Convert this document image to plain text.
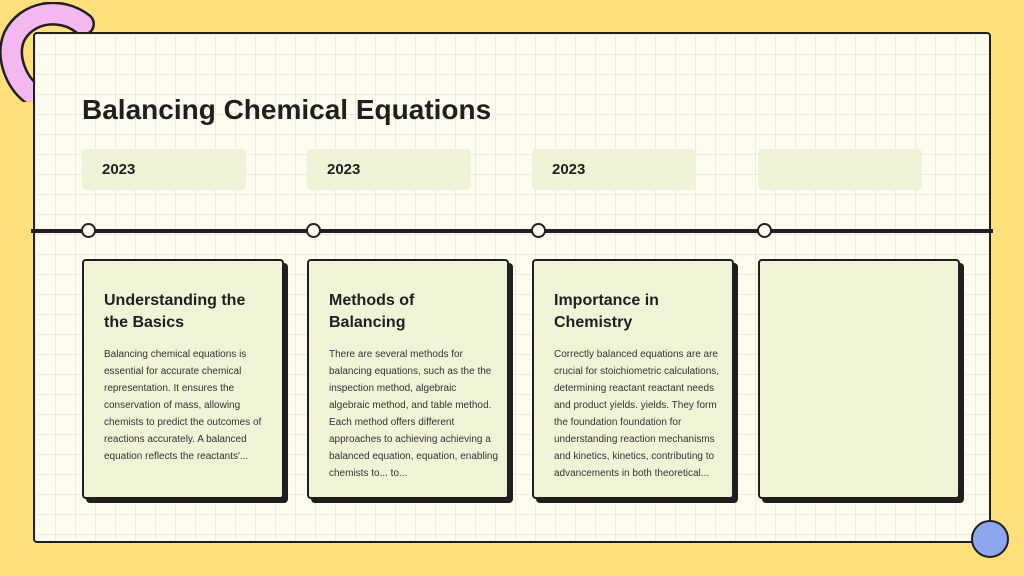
Balancing Chemical Equations
2023	2023	2023
Understanding the the Basics

Balancing chemical equations is essential for accurate chemical representation. It ensures the conservation of mass, allowing chemists to predict the outcomes of reactions accurately. A balanced equation reflects the reactants'...

Methods of Balancing

There are several methods for balancing equations, such as the the inspection method, algebraic algebraic method, and table method. Each method offers different approaches to achieving achieving a balanced equation, equation, enabling chemists to... to...

Importance in Chemistry

Correctly balanced equations are are crucial for stoichiometric calculations, determining reactant reactant needs and product yields. yields. They form the foundation foundation for understanding reaction mechanisms and kinetics, kinetics, contributing to advancements in both theoretical...
